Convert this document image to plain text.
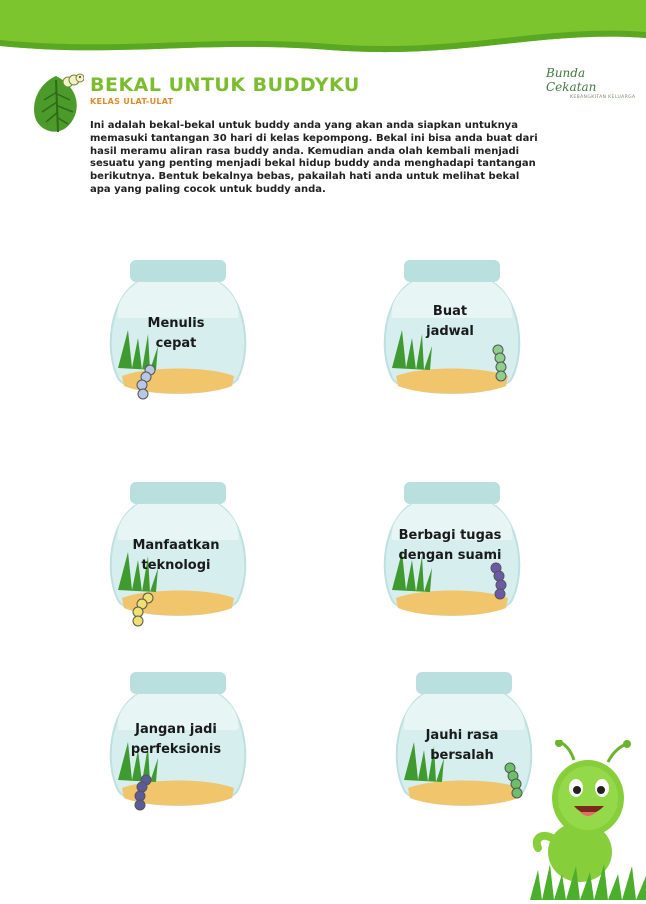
BEKAL UNTUK BUDDYKU
KELAS ULAT-ULAT
Bunda Cekatan
KEBANGKITAN KELUARGA
Ini adalah bekal-bekal untuk buddy anda yang akan anda siapkan untuknya memasuki tantangan 30 hari di kelas kepompong. Bekal ini bisa anda buat dari hasil meramu aliran rasa buddy anda. Kemudian anda olah kembali menjadi sesuatu yang penting menjadi bekal hidup buddy anda menghadapi tantangan berikutnya. Bentuk bekalnya bebas, pakailah hati anda untuk melihat bekal apa yang paling cocok untuk buddy anda.
Menulis
cepat
Buat
jadwal
Manfaatkan
teknologi
Berbagi tugas
dengan suami
Jangan jadi
perfeksionis
Jauhi rasa
bersalah
